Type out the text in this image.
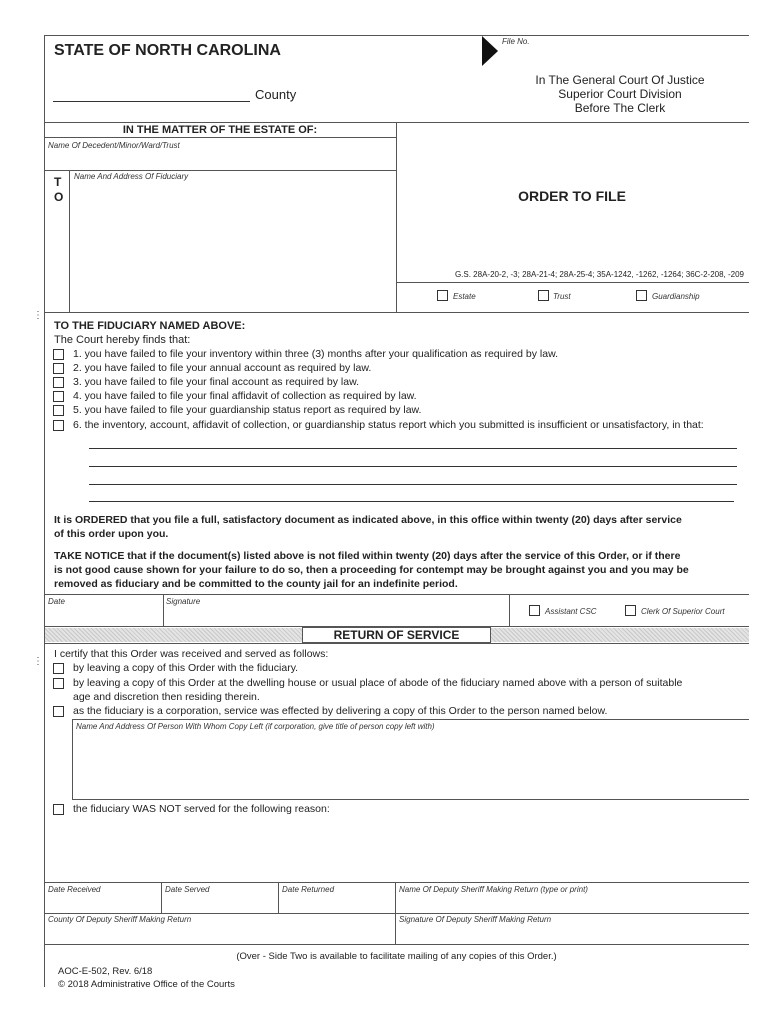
STATE OF NORTH CAROLINA
County
File No.
In The General Court Of Justice
Superior Court Division
Before The Clerk
IN THE MATTER OF THE ESTATE OF:
Name Of Decedent/Minor/Ward/Trust
T
O
Name And Address Of Fiduciary
ORDER TO FILE
G.S. 28A-20-2, -3; 28A-21-4; 28A-25-4; 35A-1242, -1262, -1264; 36C-2-208, -209
Estate	Trust	Guardianship
⋮
TO THE FIDUCIARY NAMED ABOVE:
The Court hereby finds that:
1. you have failed to file your inventory within three (3) months after your qualification as required by law.
2. you have failed to file your annual account as required by law.
3. you have failed to file your final account as required by law.
4. you have failed to file your final affidavit of collection as required by law.
5. you have failed to file your guardianship status report as required by law.
6. the inventory, account, affidavit of collection, or guardianship status report which you submitted is insufficient or unsatisfactory, in that:
It is ORDERED that you file a full, satisfactory document as indicated above, in this office within twenty (20) days after service
of this order upon you.
TAKE NOTICE that if the document(s) listed above is not filed within twenty (20) days after the service of this Order, or if there
is not good cause shown for your failure to do so, then a proceeding for contempt may be brought against you and you may be
removed as fiduciary and be committed to the county jail for an indefinite period.
Date	Signature
Assistant CSC	Clerk Of Superior Court
RETURN OF SERVICE
⋮
I certify that this Order was received and served as follows:
by leaving a copy of this Order with the fiduciary.
by leaving a copy of this Order at the dwelling house or usual place of abode of the fiduciary named above with a person of suitable
age and discretion then residing therein.
as the fiduciary is a corporation, service was effected by delivering a copy of this Order to the person named below.
Name And Address Of Person With Whom Copy Left (if corporation, give title of person copy left with)
the fiduciary WAS NOT served for the following reason:
Date Received	Date Served	Date Returned	Name Of Deputy Sheriff Making Return (type or print)
County Of Deputy Sheriff Making Return	Signature Of Deputy Sheriff Making Return
(Over - Side Two is available to facilitate mailing of any copies of this Order.)
AOC-E-502, Rev. 6/18
© 2018 Administrative Office of the Courts
